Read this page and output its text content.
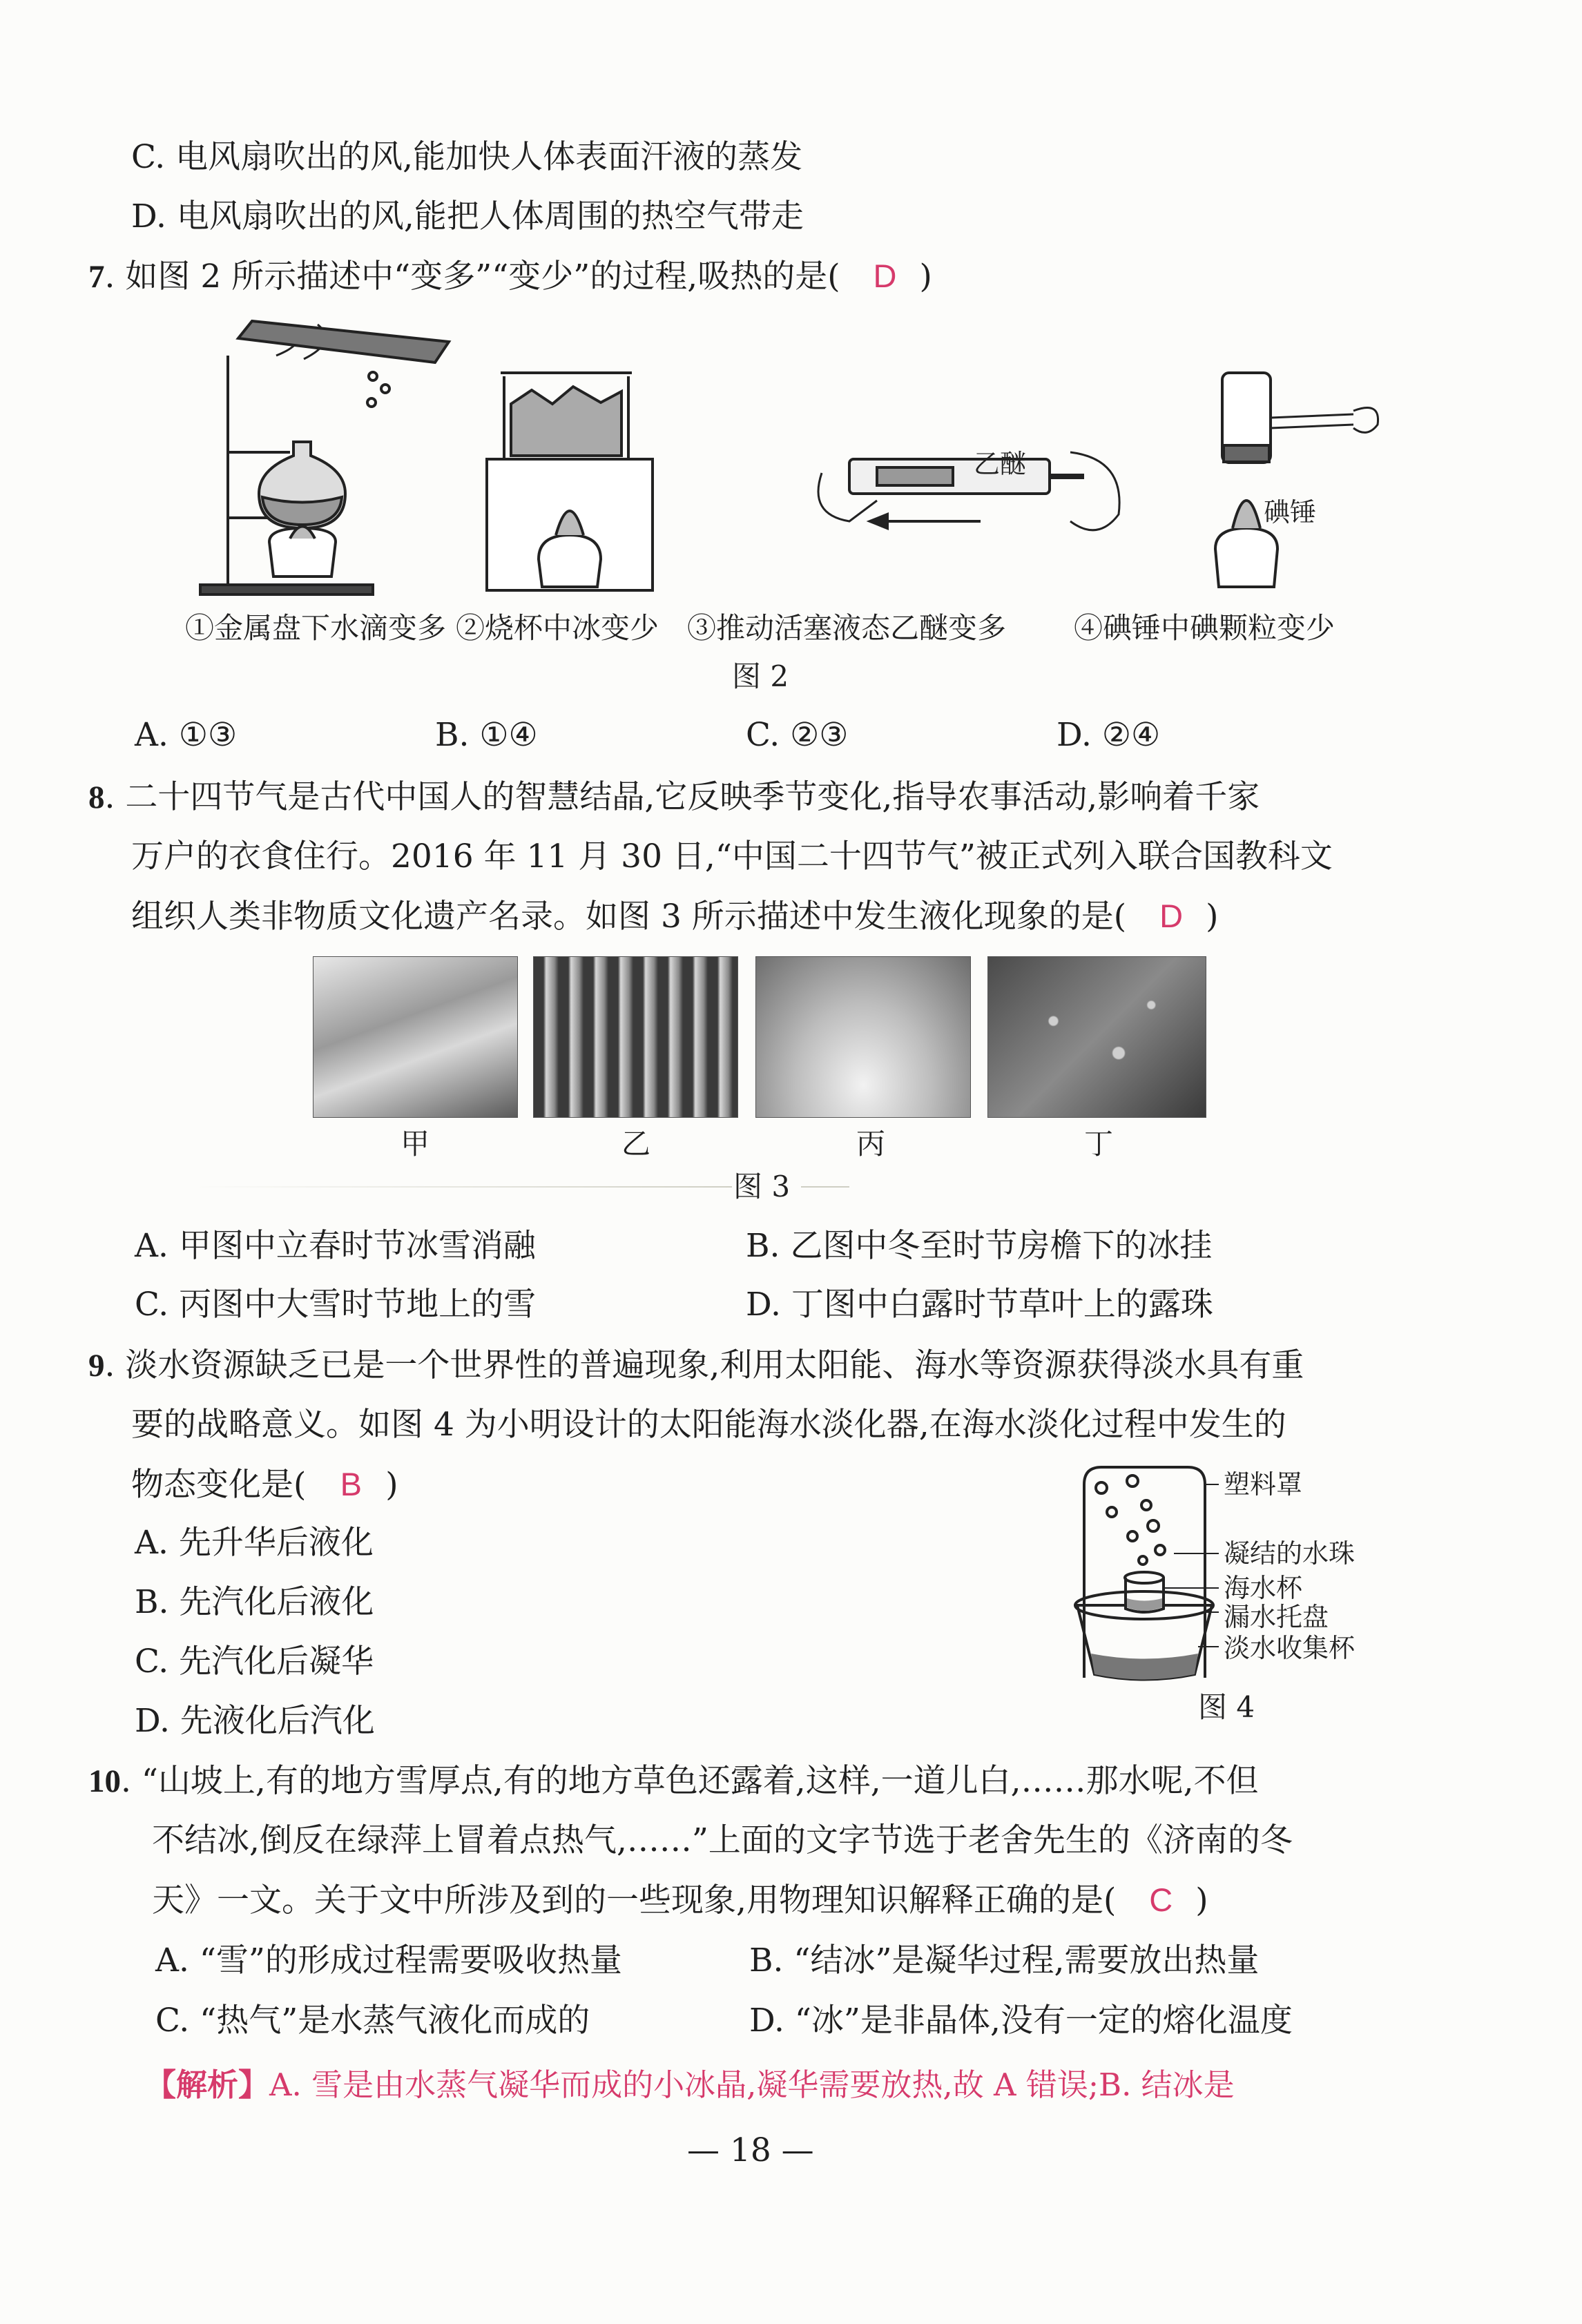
C. 电风扇吹出的风,能加快人体表面汗液的蒸发
D. 电风扇吹出的风,能把人体周围的热空气带走
7. 如图 2 所示描述中“变多”“变少”的过程,吸热的是( D )
乙醚
碘锤
①金属盘下水滴变多 ②烧杯中冰变少 ③推动活塞液态乙醚变多 ④碘锤中碘颗粒变少
图 2
A. ①③	B. ①④	C. ②③	D. ②④
8. 二十四节气是古代中国人的智慧结晶,它反映季节变化,指导农事活动,影响着千家
万户的衣食住行。2016 年 11 月 30 日,“中国二十四节气”被正式列入联合国教科文
组织人类非物质文化遗产名录。如图 3 所示描述中发生液化现象的是( D )
甲	乙	丙	丁
图 3
A. 甲图中立春时节冰雪消融	B. 乙图中冬至时节房檐下的冰挂
C. 丙图中大雪时节地上的雪	D. 丁图中白露时节草叶上的露珠
9. 淡水资源缺乏已是一个世界性的普遍现象,利用太阳能、海水等资源获得淡水具有重
要的战略意义。如图 4 为小明设计的太阳能海水淡化器,在海水淡化过程中发生的
物态变化是( B )
A. 先升华后液化
B. 先汽化后液化
C. 先汽化后凝华
D. 先液化后汽化
塑料罩
凝结的水珠
海水杯
漏水托盘
淡水收集杯
图 4
10. “山坡上,有的地方雪厚点,有的地方草色还露着,这样,一道儿白,……那水呢,不但
不结冰,倒反在绿萍上冒着点热气,……”上面的文字节选于老舍先生的《济南的冬
天》一文。关于文中所涉及到的一些现象,用物理知识解释正确的是( C )
A. “雪”的形成过程需要吸收热量	B. “结冰”是凝华过程,需要放出热量
C. “热气”是水蒸气液化而成的	D. “冰”是非晶体,没有一定的熔化温度
【解析】A. 雪是由水蒸气凝华而成的小冰晶,凝华需要放热,故 A 错误;B. 结冰是
— 18 —
